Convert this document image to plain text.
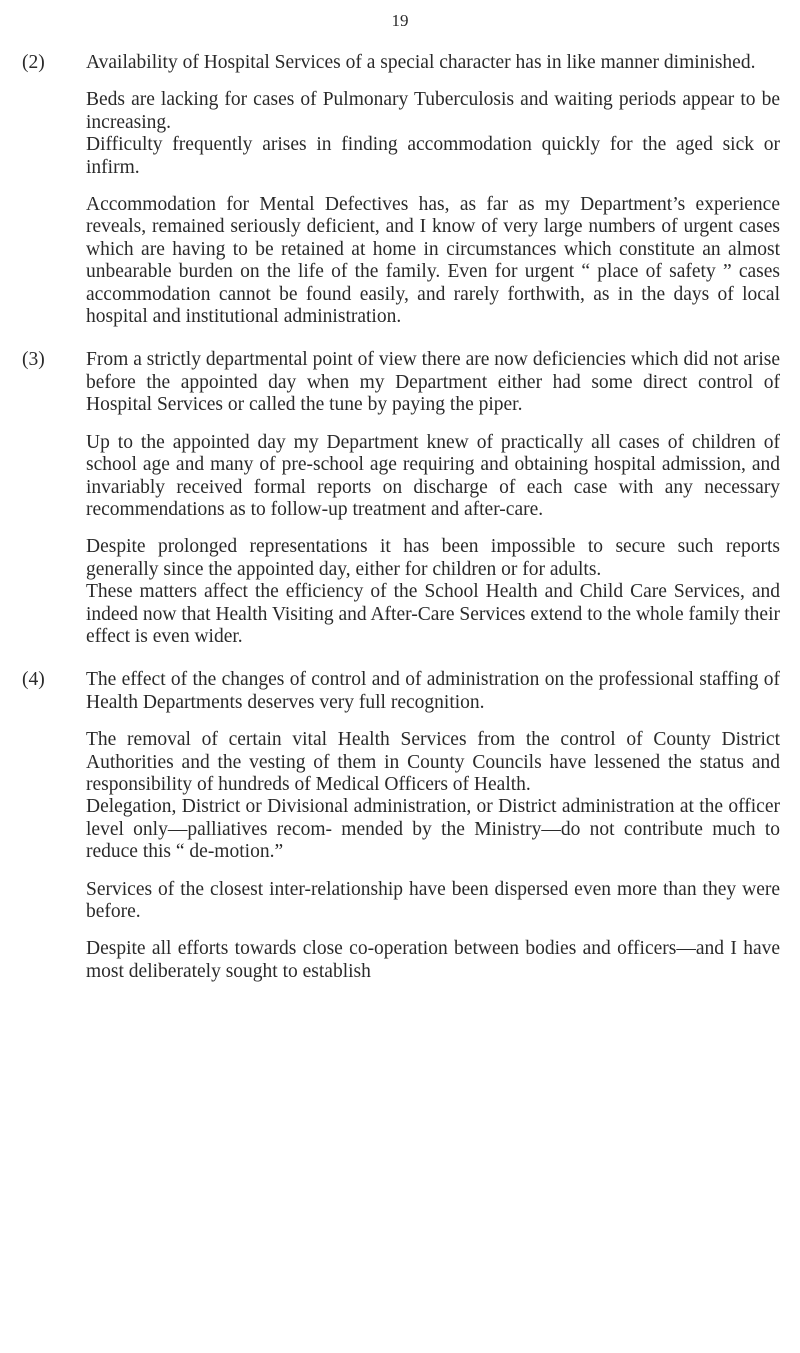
19
(2) Availability of Hospital Services of a special character has in like manner diminished.

Beds are lacking for cases of Pulmonary Tuberculosis and waiting periods appear to be increasing.

Difficulty frequently arises in finding accommodation quickly for the aged sick or infirm.

Accommodation for Mental Defectives has, as far as my Department’s experience reveals, remained seriously deficient, and I know of very large numbers of urgent cases which are having to be retained at home in circumstances which constitute an almost unbearable burden on the life of the family. Even for urgent “ place of safety ” cases accommodation cannot be found easily, and rarely forthwith, as in the days of local hospital and institutional administration.

(3) From a strictly departmental point of view there are now deficiencies which did not arise before the appointed day when my Department either had some direct control of Hospital Services or called the tune by paying the piper.

Up to the appointed day my Department knew of practically all cases of children of school age and many of pre-school age requiring and obtaining hospital admission, and invariably received formal reports on discharge of each case with any necessary recommendations as to follow-up treatment and after-care.

Despite prolonged representations it has been impossible to secure such reports generally since the appointed day, either for children or for adults.

These matters affect the efficiency of the School Health and Child Care Services, and indeed now that Health Visiting and After-Care Services extend to the whole family their effect is even wider.

(4) The effect of the changes of control and of administration on the professional staffing of Health Departments deserves very full recognition.

The removal of certain vital Health Services from the control of County District Authorities and the vesting of them in County Councils have lessened the status and responsibility of hundreds of Medical Officers of Health.

Delegation, District or Divisional administration, or District administration at the officer level only—palliatives recom- mended by the Ministry—do not contribute much to reduce this “ de-motion.”

Services of the closest inter-relationship have been dispersed even more than they were before.

Despite all efforts towards close co-operation between bodies and officers—and I have most deliberately sought to establish
